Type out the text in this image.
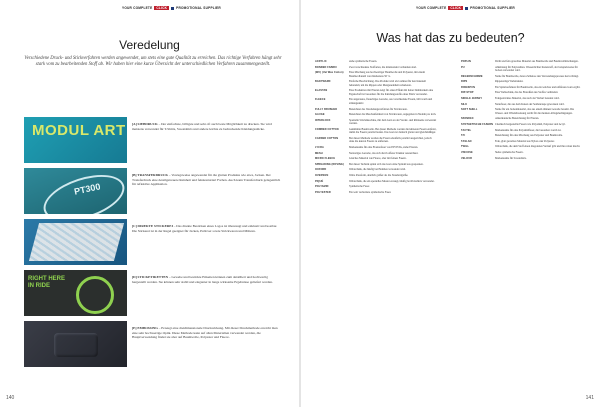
YOUR COMPLETE	CLICK	PROMOTIONAL SUPPLIER
Veredelung
Verschiedene Druck- und Stickverfahren werden angewendet, um stets eine gute Qualität zu erreichen. Das richtige Verfahren hängt sehr stark vom zu bearbeitenden Stoff ab. Wir haben hier eine kurze Übersicht der unterschiedlichen Verfahren zusammengestellt.
MODUL ART	[A] SIEBDRUCK – Der einfachste, billigste und sehr oft auch beste Möglichkeit zu drucken. Sie wird meistens verwendet für T-Shirts, Sweatshirts und andere leichte zu bedruckende Kleidungsstücke.
PT300
[B] TRANSFERDRUCK – Vorzugsweise angewendet für die glatten Produkte wie etwa, Jacken. Der Transferdruck eine detailgetreuere Reinheit und feinkonturiert Farben. Auch kann Transferdruck gelegentlich für reflektive Applikation.
[C] DIREKTE STICKEREI – Das direkte Besticken eines Logos ist überzeugt und exklusiv und kostbar. Die Stickerei ist in der Regel geeignet für Jacken, Pullover sowie Strickwaren und Mützen.
RIGHT HERE IN RIDE
[D] STICKETIKETTEN – Gewebe und bestickte Etiketten können zum detailliert und hochwertig hergestellt werden. Sie können sehr stabil und eleganter in lange wirksame Ergebnisse geliefert werden.
[E] EMBOSSING – Erzeugt eine dreidimensionale Druckwirkung. Mit dieser Druckmethode erreicht man eine sehr hochwertige Optik. Diese Methode kann auf allen Materialien verwendet werden, die Hauptverwendung findet sie aber auf Baumwolle, Polyester und Fleece.
140
YOUR COMPLETE	CLICK	PROMOTIONAL SUPPLIER
Was hat das zu bedeuten?
ACRYLIC	siehe synthetische Fasern.
BONDED FABRIC	Zwei verschiedene Stoffarten, die miteinander verbunden sind.
(WC) (Vat Wax Cotton)	Eine Mischung aus hochwertiger Baumwolle und Polyester, mit einem Baumwollanteil von mindestens 50 %.
BANYWARD	Einfache Beschichtung. Das Produkt wird als Laminat für den Innenteil behandelt, um die Rippen oder Mengeneinheit reduzieren.
ELASTAN	Eine Produktion mit Elastan zeigt für einen Effekt mit hoher Dehnbarkeit eine Eigenschaft ist besonders für die Kleidungsstoffe eines Shirts verwendet.
FLEECE	Ein angerautes, flauschiges Gewebe, aus verschiedene Fasern, hält warm und atmungsaktiv.
FULLY BRUSHED	Bezeichnet das Veredelungsverfahren für Strickwaren.
GAUGE	Bezeichnet die Maschenfeinheit von Strickwaren, angegeben in Nadeln pro inch.
INTERLOCK	Spezielle Strickmaschine, mit dem Garn an der Vorder- und Rückseite verwendet werden.
COMBED COTTON	Gekämmte Baumwolle. Bei dieser Methode werden die kürzeren Fasern entfernt, damit die Fasern parallel laufen. Das Garn ist dadurch glatter und gleichmäßiger.
CARDED COTTON	Bei dieser Methode werden die Fasern ebenfalls parallel ausgerichtet, jedoch ohne die kurzen Fasern zu entfernen.
LYCRA	Markenname für eine Elastanfaser von INVISTA, siehe Elastan.
MESH	Netzartiges Gewebe, das sich durch offene Struktur auszeichnet.
MICRO FLEECE	Gleiches Material wie Fleece, aber mit feinen Fasern.
SPREADING (ROVING)	Bei dieser Technik spinnt sich das Garn ohne Spindel aus gesponnen.
OXFORD	Webtechnik, die häufig bei Hemden verwendet wird.
OVERSIZE	Weite Passform, deutlich größer als die Standardgröße.
PIQUÉ	Webtechnik, die ein spezielles Muster erzeugt, häufig bei Poloshirts verwendet.
POLYAMID	Synthetische Faser.
POLYESTER	Ein weit verbreitete synthetische Faser.
POPLIN	Dicht und fein gewebtes Material aus Baumwolle und Baumwollmischungen.
PU	Abkürzung für Polyurethan. Wasserdichter Kunststoff, der beispielsweise für Jacken verwendet wird.
REGENSCHIRME	Name für Baumwolle, deren Zellulose den Verwendungsprozess hervorbringt.
RIPS	Rippenartige Webstruktur.
RINGSPUN	Ein Spinnverfahren für Baumwolle, das ein weiches und reißfestes Garn ergibt.
RIP-STOP	Eine Webtechnik, die das Einreißen des Stoffes verhindert.
SINGLE JERSEY	Feingestricktes Material, das nach der Webart benannt wird.
SILK	Naturfaser, die aus dem Kokon der Seidenraupe gewonnen wird.
SOFT SHELL	Name für ein Jackenmaterial, das aus einem dünnen Gewebe besteht. Die Wasser- und Windabweisung reicht für die meisten Alltagsbedingungen.
SPANDEX	Amerikanische Bezeichnung für Elastan.
SYNTHETISCHE FASERN Chemisch hergestellte Fasern wie Polyamid, Polyester und Acryl.
TACTEL	Markenname für eine Polyamidfaser, die besonders weich ist.
T/C	Bezeichnung für eine Mischung aus Polyester und Baumwolle.
TASLAN	Fein, glatt gewebtes Material aus Nylon oder Polyester.
TWILL	Webtechnik, die dem Stoff einen diagonalen Verlauf gibt und ihn robust macht.
VISCOSE	Siehe synthetische Fasern.
VELOUR	Markenname für Sweatshirts.
141
